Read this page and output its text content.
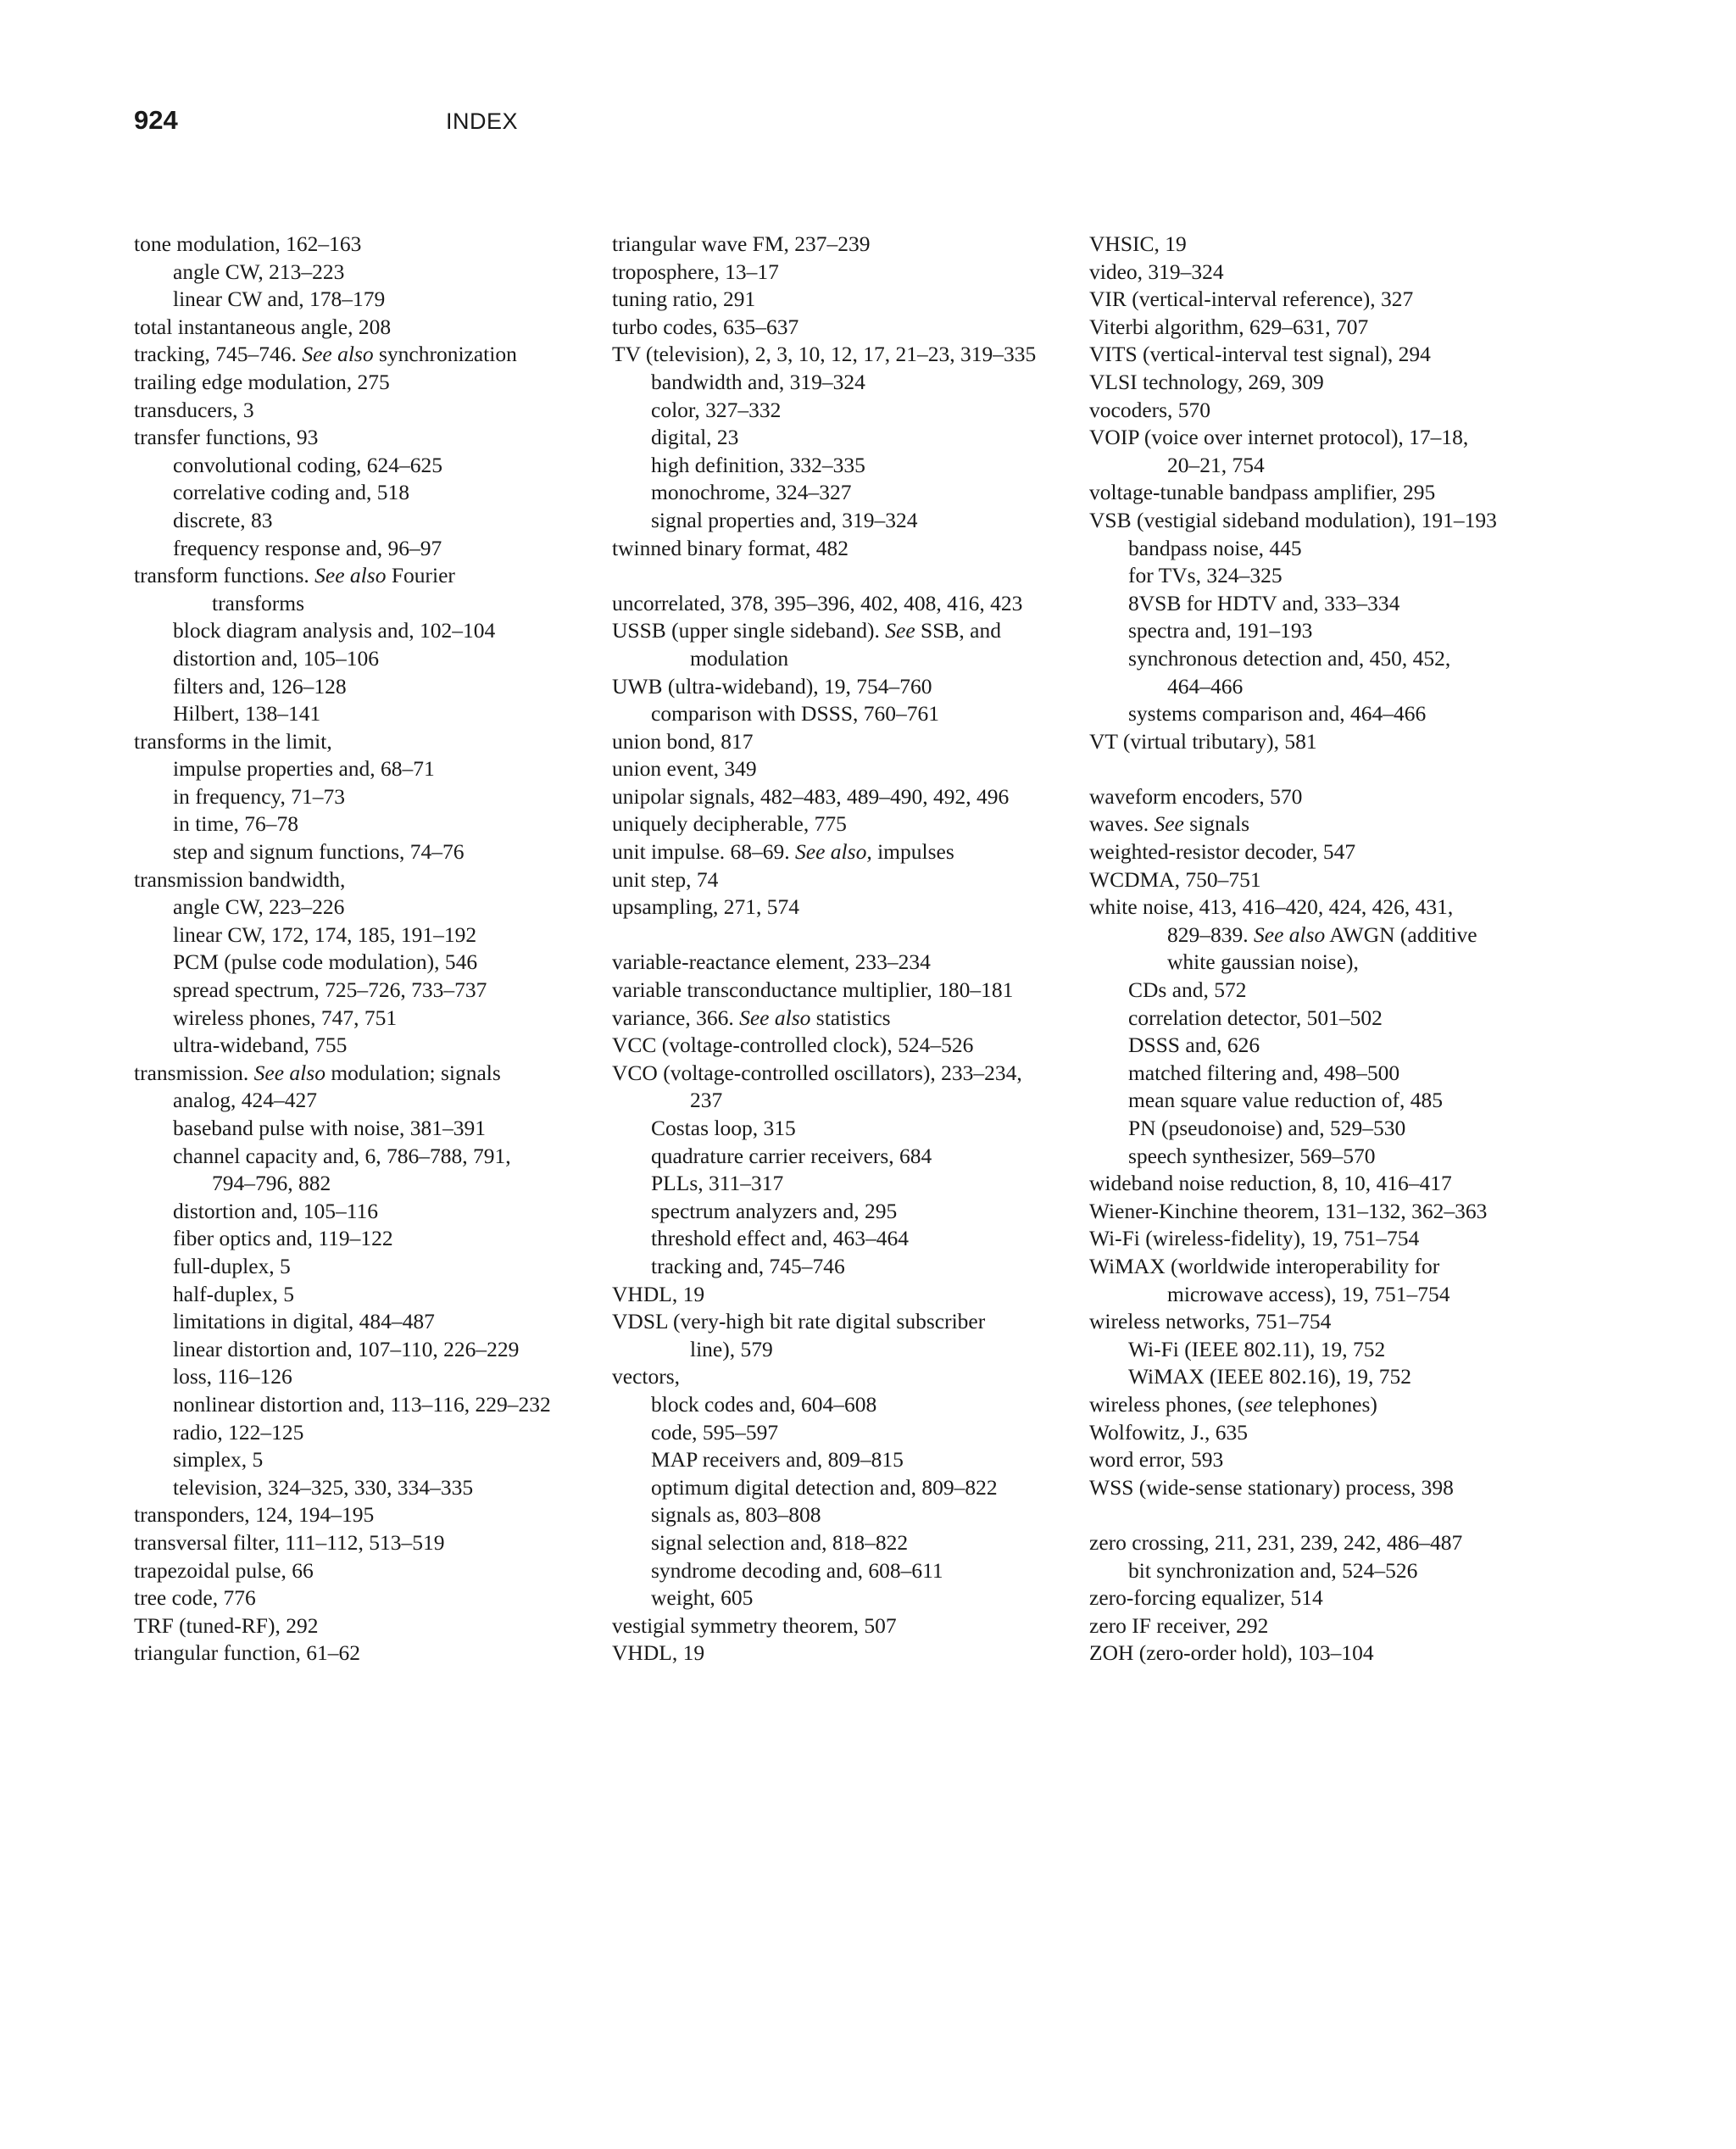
924	INDEX
tone modulation, 162–163
angle CW, 213–223
linear CW and, 178–179
total instantaneous angle, 208
tracking, 745–746. See also synchronization
trailing edge modulation, 275
transducers, 3
transfer functions, 93
convolutional coding, 624–625
correlative coding and, 518
discrete, 83
frequency response and, 96–97
transform functions. See also Fourier
transforms
block diagram analysis and, 102–104
distortion and, 105–106
filters and, 126–128
Hilbert, 138–141
transforms in the limit,
impulse properties and, 68–71
in frequency, 71–73
in time, 76–78
step and signum functions, 74–76
transmission bandwidth,
angle CW, 223–226
linear CW, 172, 174, 185, 191–192
PCM (pulse code modulation), 546
spread spectrum, 725–726, 733–737
wireless phones, 747, 751
ultra-wideband, 755
transmission. See also modulation; signals
analog, 424–427
baseband pulse with noise, 381–391
channel capacity and, 6, 786–788, 791,
794–796, 882
distortion and, 105–116
fiber optics and, 119–122
full-duplex, 5
half-duplex, 5
limitations in digital, 484–487
linear distortion and, 107–110, 226–229
loss, 116–126
nonlinear distortion and, 113–116, 229–232
radio, 122–125
simplex, 5
television, 324–325, 330, 334–335
transponders, 124, 194–195
transversal filter, 111–112, 513–519
trapezoidal pulse, 66
tree code, 776
TRF (tuned-RF), 292
triangular function, 61–62
triangular wave FM, 237–239
troposphere, 13–17
tuning ratio, 291
turbo codes, 635–637
TV (television), 2, 3, 10, 12, 17, 21–23, 319–335
bandwidth and, 319–324
color, 327–332
digital, 23
high definition, 332–335
monochrome, 324–327
signal properties and, 319–324
twinned binary format, 482
uncorrelated, 378, 395–396, 402, 408, 416, 423
USSB (upper single sideband). See SSB, and
modulation
UWB (ultra-wideband), 19, 754–760
comparison with DSSS, 760–761
union bond, 817
union event, 349
unipolar signals, 482–483, 489–490, 492, 496
uniquely decipherable, 775
unit impulse. 68–69. See also, impulses
unit step, 74
upsampling, 271, 574
variable-reactance element, 233–234
variable transconductance multiplier, 180–181
variance, 366. See also statistics
VCC (voltage-controlled clock), 524–526
VCO (voltage-controlled oscillators), 233–234,
237
Costas loop, 315
quadrature carrier receivers, 684
PLLs, 311–317
spectrum analyzers and, 295
threshold effect and, 463–464
tracking and, 745–746
VHDL, 19
VDSL (very-high bit rate digital subscriber
line), 579
vectors,
block codes and, 604–608
code, 595–597
MAP receivers and, 809–815
optimum digital detection and, 809–822
signals as, 803–808
signal selection and, 818–822
syndrome decoding and, 608–611
weight, 605
vestigial symmetry theorem, 507
VHDL, 19
VHSIC, 19
video, 319–324
VIR (vertical-interval reference), 327
Viterbi algorithm, 629–631, 707
VITS (vertical-interval test signal), 294
VLSI technology, 269, 309
vocoders, 570
VOIP (voice over internet protocol), 17–18,
20–21, 754
voltage-tunable bandpass amplifier, 295
VSB (vestigial sideband modulation), 191–193
bandpass noise, 445
for TVs, 324–325
8VSB for HDTV and, 333–334
spectra and, 191–193
synchronous detection and, 450, 452,
464–466
systems comparison and, 464–466
VT (virtual tributary), 581
waveform encoders, 570
waves. See signals
weighted-resistor decoder, 547
WCDMA, 750–751
white noise, 413, 416–420, 424, 426, 431,
829–839. See also AWGN (additive
white gaussian noise),
CDs and, 572
correlation detector, 501–502
DSSS and, 626
matched filtering and, 498–500
mean square value reduction of, 485
PN (pseudonoise) and, 529–530
speech synthesizer, 569–570
wideband noise reduction, 8, 10, 416–417
Wiener-Kinchine theorem, 131–132, 362–363
Wi-Fi (wireless-fidelity), 19, 751–754
WiMAX (worldwide interoperability for
microwave access), 19, 751–754
wireless networks, 751–754
Wi-Fi (IEEE 802.11), 19, 752
WiMAX (IEEE 802.16), 19, 752
wireless phones, (see telephones)
Wolfowitz, J., 635
word error, 593
WSS (wide-sense stationary) process, 398
zero crossing, 211, 231, 239, 242, 486–487
bit synchronization and, 524–526
zero-forcing equalizer, 514
zero IF receiver, 292
ZOH (zero-order hold), 103–104
